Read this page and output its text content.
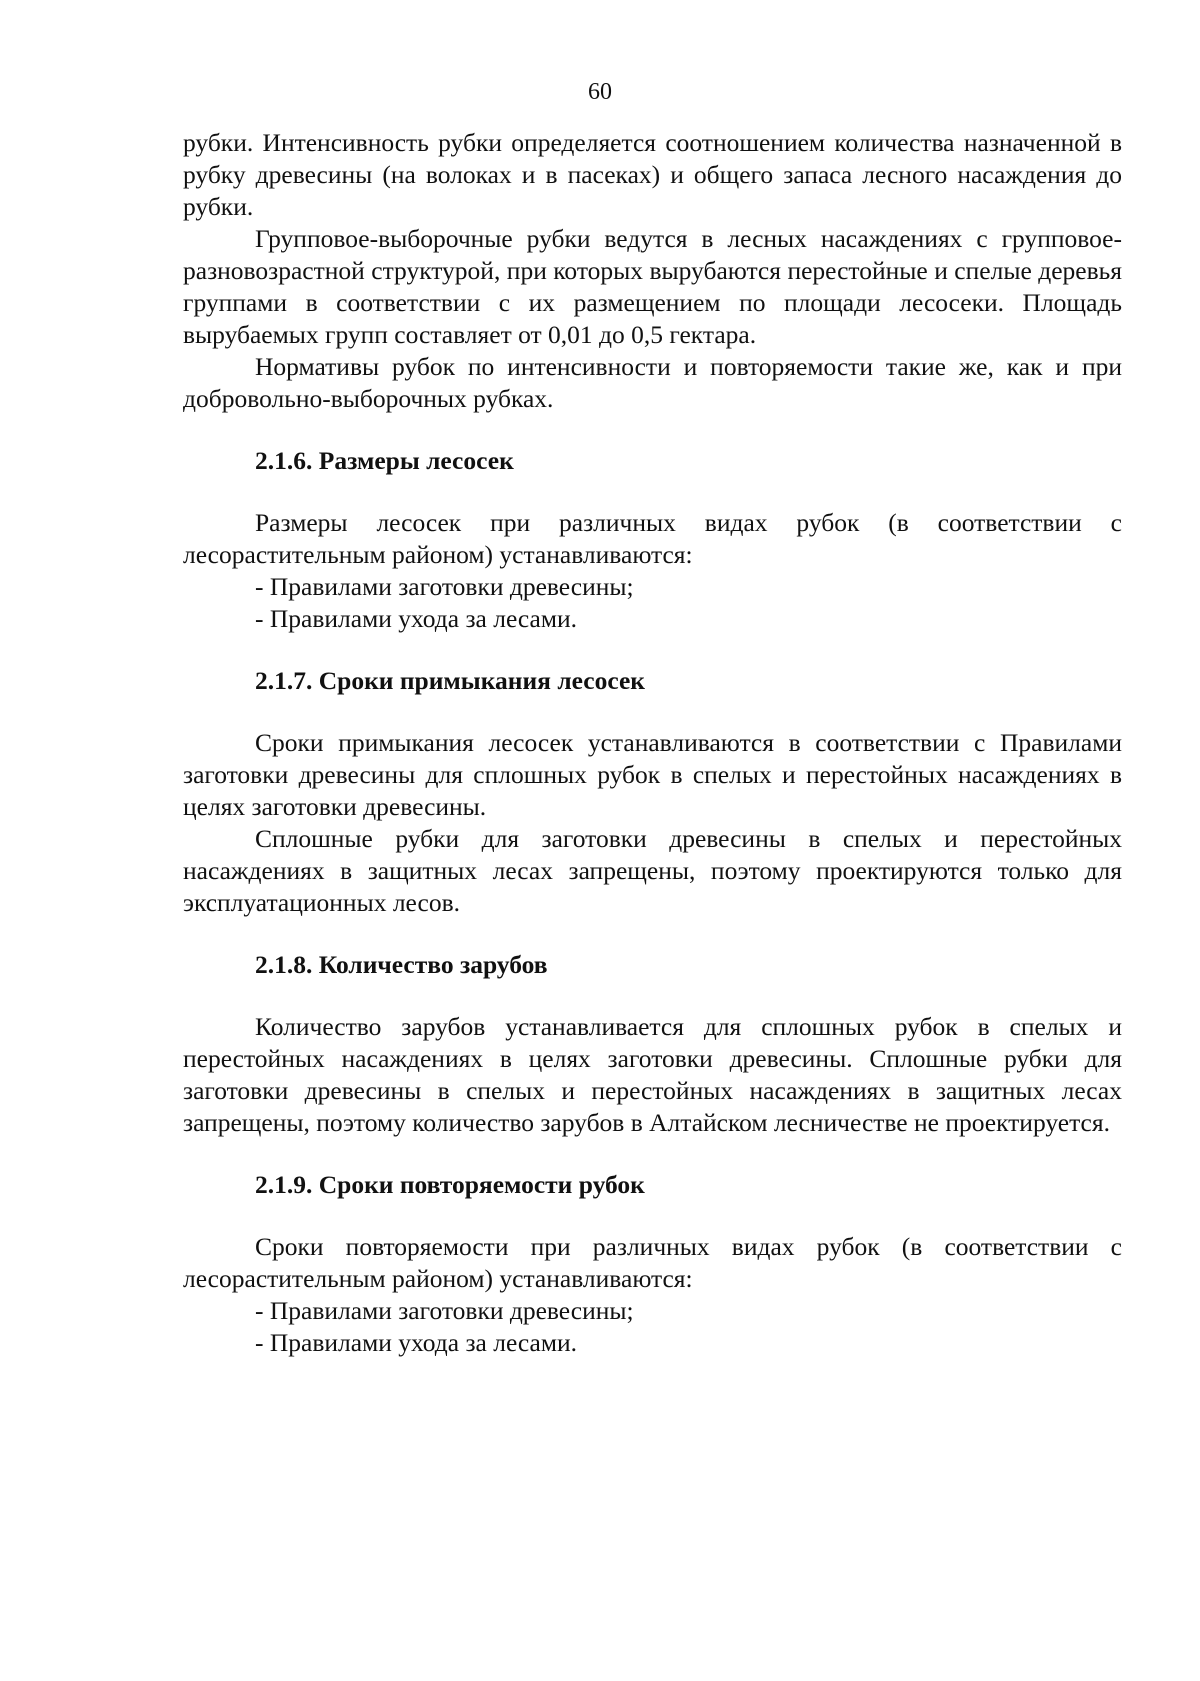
60

рубки. Интенсивность рубки определяется соотношением количества назначенной в рубку древесины (на волоках и в пасеках) и общего запаса лесного насаждения до рубки.

Групповое-выборочные рубки ведутся в лесных насаждениях с групповое-разновозрастной структурой, при которых вырубаются перестойные и спелые деревья группами в соответствии с их размещением по площади лесосеки. Площадь вырубаемых групп составляет от 0,01 до 0,5 гектара.

Нормативы рубок по интенсивности и повторяемости такие же, как и при добровольно-выборочных рубках.

2.1.6. Размеры лесосек

Размеры лесосек при различных видах рубок (в соответствии с лесорастительным районом) устанавливаются:

- Правилами заготовки древесины;

- Правилами ухода за лесами.

2.1.7. Сроки примыкания лесосек

Сроки примыкания лесосек устанавливаются в соответствии с Правилами заготовки древесины для сплошных рубок в спелых и перестойных насаждениях в целях заготовки древесины.

Сплошные рубки для заготовки древесины в спелых и перестойных насаждениях в защитных лесах запрещены, поэтому проектируются только для эксплуатационных лесов.

2.1.8. Количество зарубов

Количество зарубов устанавливается для сплошных рубок в спелых и перестойных насаждениях в целях заготовки древесины. Сплошные рубки для заготовки древесины в спелых и перестойных насаждениях в защитных лесах запрещены, поэтому количество зарубов в Алтайском лесничестве не проектируется.

2.1.9. Сроки повторяемости рубок

Сроки повторяемости при различных видах рубок (в соответствии с лесорастительным районом) устанавливаются:

- Правилами заготовки древесины;

- Правилами ухода за лесами.
